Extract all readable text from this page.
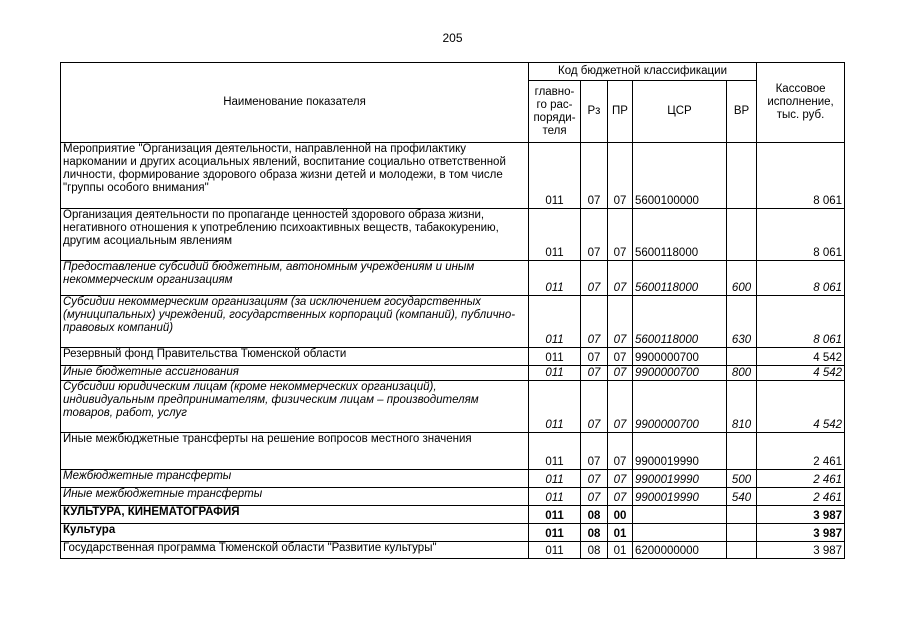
205
Наименование показателя	Код бюджетной классификации					Кассовое исполнение, тыс. руб.
	главно-го рас-поряди-теля	Рз	ПР	ЦСР	ВР	
Мероприятие "Организация деятельности, направленной на профилактику наркомании и других асоциальных явлений, воспитание социально ответственной личности, формирование здорового образа жизни детей и молодежи, в том числе "группы особого внимания"	011	07	07	5600100000		8 061
Организация деятельности по пропаганде ценностей здорового образа жизни, негативного отношения к употреблению психоактивных веществ, табакокурению, другим асоциальным явлениям	011	07	07	5600118000		8 061
Предоставление субсидий бюджетным, автономным учреждениям и иным некоммерческим организациям	011	07	07	5600118000	600	8 061
Субсидии некоммерческим организациям (за исключением государственных (муниципальных) учреждений, государственных корпораций (компаний), публично-правовых компаний)	011	07	07	5600118000	630	8 061
Резервный фонд Правительства Тюменской области	011	07	07	9900000700		4 542
Иные бюджетные ассигнования	011	07	07	9900000700	800	4 542
Субсидии юридическим лицам (кроме некоммерческих организаций), индивидуальным предпринимателям, физическим лицам – производителям товаров, работ, услуг	011	07	07	9900000700	810	4 542
Иные межбюджетные трансферты на решение вопросов местного значения	011	07	07	9900019990		2 461
Межбюджетные трансферты	011	07	07	9900019990	500	2 461
Иные межбюджетные трансферты	011	07	07	9900019990	540	2 461
КУЛЬТУРА, КИНЕМАТОГРАФИЯ	011	08	00			3 987
Культура	011	08	01			3 987
Государственная программа Тюменской области "Развитие культуры"	011	08	01	6200000000		3 987
